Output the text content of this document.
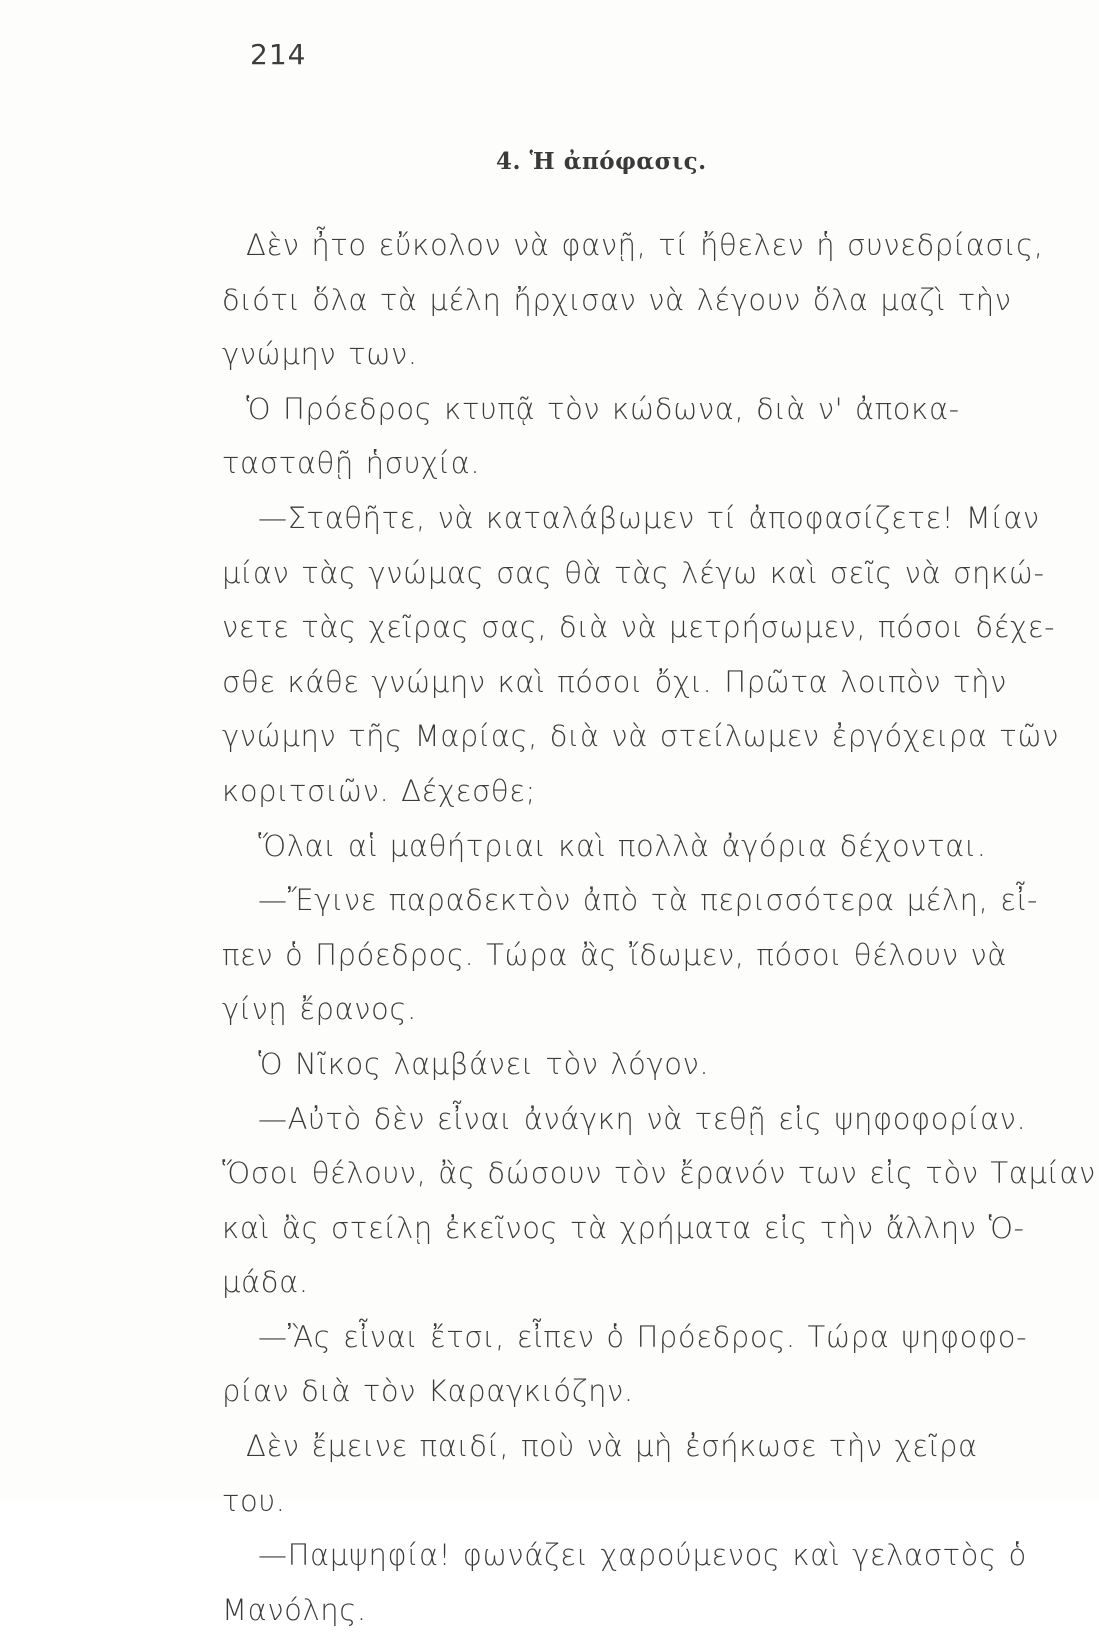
214
4. Ἡ ἀπόφασις.
Δὲν ἦτο εὔκολον νὰ φανῇ, τί ἤθελεν ἡ συνεδρίασις,
διότι ὅλα τὰ μέλη ἤρχισαν νὰ λέγουν ὅλα μαζὶ τὴν
γνώμην των.
Ὁ Πρόεδρος κτυπᾷ τὸν κώδωνα, διὰ ν' ἀποκα-
τασταθῇ ἡσυχία.
—Σταθῆτε, νὰ καταλάβωμεν τί ἀποφασίζετε! Μίαν
μίαν τὰς γνώμας σας θὰ τὰς λέγω καὶ σεῖς νὰ σηκώ-
νετε τὰς χεῖρας σας, διὰ νὰ μετρήσωμεν, πόσοι δέχε-
σθε κάθε γνώμην καὶ πόσοι ὄχι. Πρῶτα λοιπὸν τὴν
γνώμην τῆς Μαρίας, διὰ νὰ στείλωμεν ἐργόχειρα τῶν
κοριτσιῶν. Δέχεσθε;
Ὅλαι αἱ μαθήτριαι καὶ πολλὰ ἀγόρια δέχονται.
—Ἔγινε παραδεκτὸν ἀπὸ τὰ περισσότερα μέλη, εἶ-
πεν ὁ Πρόεδρος. Τώρα ἂς ἴδωμεν, πόσοι θέλουν νὰ
γίνῃ ἔρανος.
Ὁ Νῖκος λαμβάνει τὸν λόγον.
—Αὐτὸ δὲν εἶναι ἀνάγκη νὰ τεθῇ εἰς ψηφοφορίαν.
Ὅσοι θέλουν, ἂς δώσουν τὸν ἔρανόν των εἰς τὸν Ταμίαν
καὶ ἂς στείλῃ ἐκεῖνος τὰ χρήματα εἰς τὴν ἄλλην Ὁ-
μάδα.
—Ἂς εἶναι ἔτσι, εἶπεν ὁ Πρόεδρος. Τώρα ψηφοφο-
ρίαν διὰ τὸν Καραγκιόζην.
Δὲν ἔμεινε παιδί, ποὺ νὰ μὴ ἐσήκωσε τὴν χεῖρα
του.
—Παμψηφία! φωνάζει χαρούμενος καὶ γελαστὸς ὁ
Μανόλης.
